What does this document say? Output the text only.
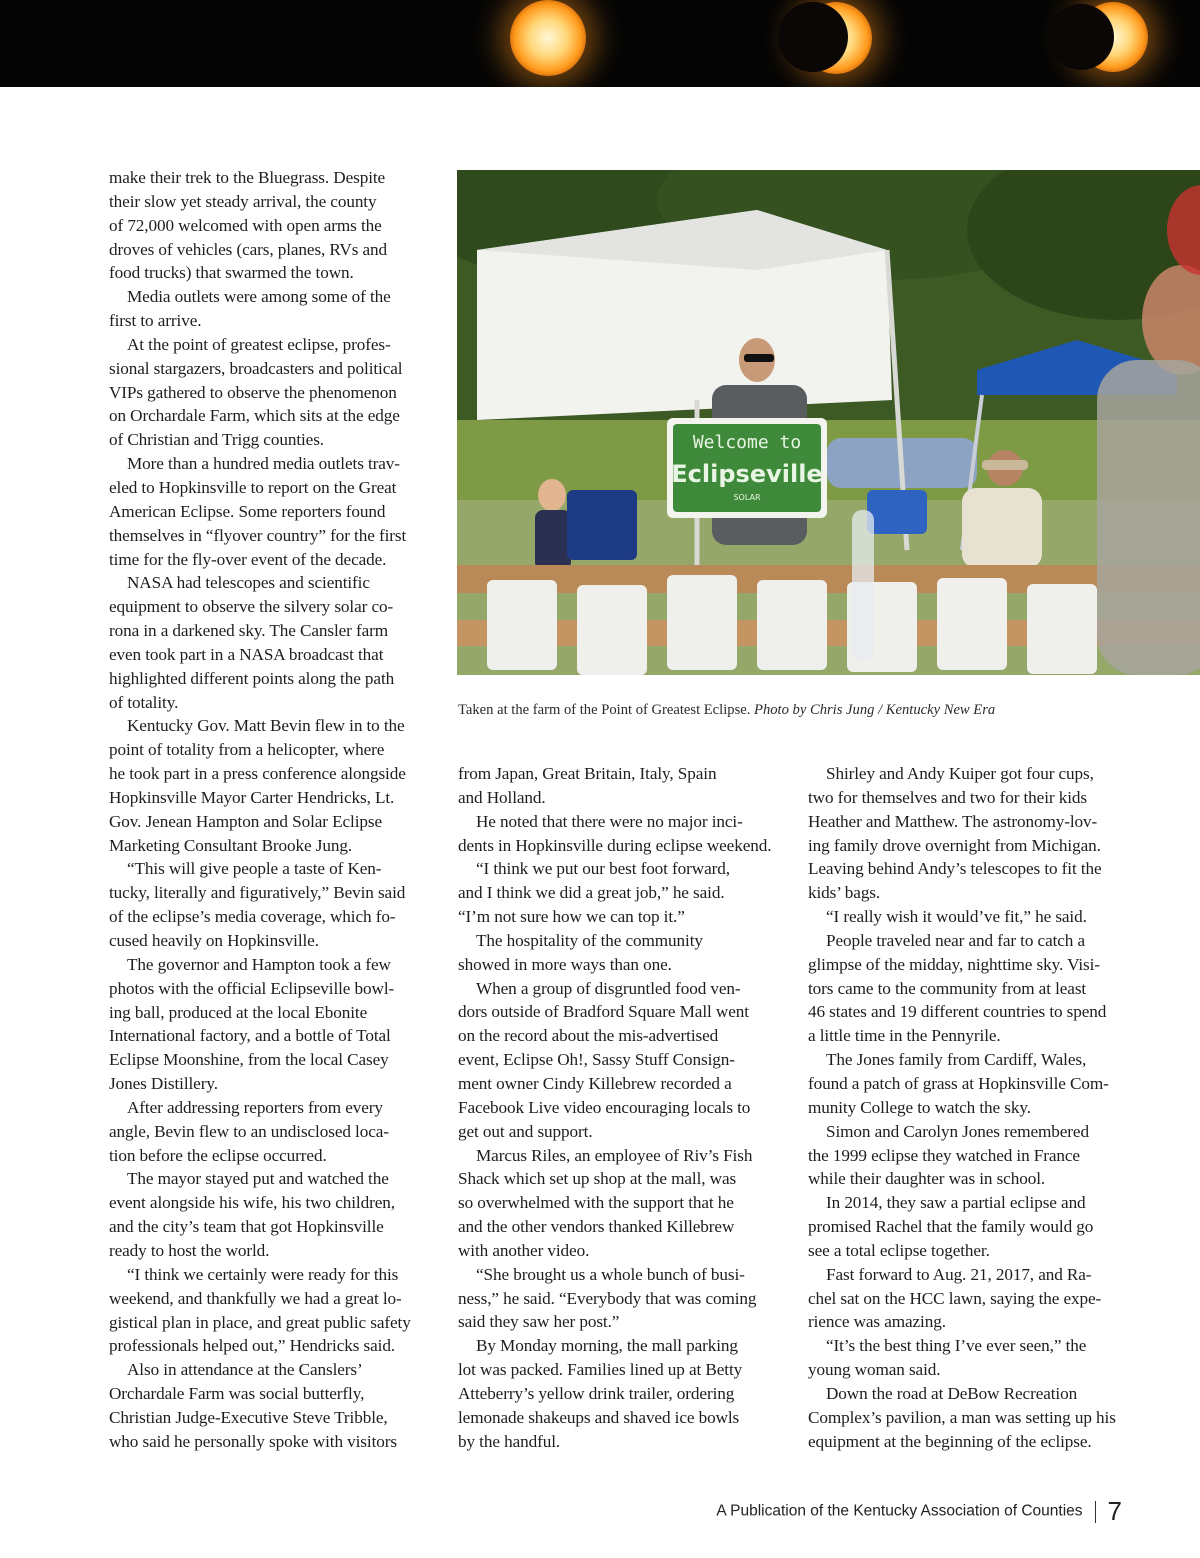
make their trek to the Bluegrass. Despite
their slow yet steady arrival, the county
of 72,000 welcomed with open arms the
droves of vehicles (cars, planes, RVs and
food trucks) that swarmed the town.
Media outlets were among some of the
first to arrive.
At the point of greatest eclipse, profes-
sional stargazers, broadcasters and political
VIPs gathered to observe the phenomenon
on Orchardale Farm, which sits at the edge
of Christian and Trigg counties.
More than a hundred media outlets trav-
eled to Hopkinsville to report on the Great
American Eclipse. Some reporters found
themselves in “flyover country” for the first
time for the fly-over event of the decade.
NASA had telescopes and scientific
equipment to observe the silvery solar co-
rona in a darkened sky. The Cansler farm
even took part in a NASA broadcast that
highlighted different points along the path
of totality.
Kentucky Gov. Matt Bevin flew in to the
point of totality from a helicopter, where
he took part in a press conference alongside
Hopkinsville Mayor Carter Hendricks, Lt.
Gov. Jenean Hampton and Solar Eclipse
Marketing Consultant Brooke Jung.
“This will give people a taste of Ken-
tucky, literally and figuratively,” Bevin said
of the eclipse’s media coverage, which fo-
cused heavily on Hopkinsville.
The governor and Hampton took a few
photos with the official Eclipseville bowl-
ing ball, produced at the local Ebonite
International factory, and a bottle of Total
Eclipse Moonshine, from the local Casey
Jones Distillery.
After addressing reporters from every
angle, Bevin flew to an undisclosed loca-
tion before the eclipse occurred.
The mayor stayed put and watched the
event alongside his wife, his two children,
and the city’s team that got Hopkinsville
ready to host the world.
“I think we certainly were ready for this
weekend, and thankfully we had a great lo-
gistical plan in place, and great public safety
professionals helped out,” Hendricks said.
Also in attendance at the Canslers’
Orchardale Farm was social butterfly,
Christian Judge-Executive Steve Tribble,
who said he personally spoke with visitors
from Japan, Great Britain, Italy, Spain
and Holland.
He noted that there were no major inci-
dents in Hopkinsville during eclipse weekend.
“I think we put our best foot forward,
and I think we did a great job,” he said.
“I’m not sure how we can top it.”
The hospitality of the community
showed in more ways than one.
When a group of disgruntled food ven-
dors outside of Bradford Square Mall went
on the record about the mis-advertised
event, Eclipse Oh!, Sassy Stuff Consign-
ment owner Cindy Killebrew recorded a
Facebook Live video encouraging locals to
get out and support.
Marcus Riles, an employee of Riv’s Fish
Shack which set up shop at the mall, was
so overwhelmed with the support that he
and the other vendors thanked Killebrew
with another video.
“She brought us a whole bunch of busi-
ness,” he said. “Everybody that was coming
said they saw her post.”
By Monday morning, the mall parking
lot was packed. Families lined up at Betty
Atteberry’s yellow drink trailer, ordering
lemonade shakeups and shaved ice bowls
by the handful.
Shirley and Andy Kuiper got four cups,
two for themselves and two for their kids
Heather and Matthew. The astronomy-lov-
ing family drove overnight from Michigan.
Leaving behind Andy’s telescopes to fit the
kids’ bags.
“I really wish it would’ve fit,” he said.
People traveled near and far to catch a
glimpse of the midday, nighttime sky. Visi-
tors came to the community from at least
46 states and 19 different countries to spend
a little time in the Pennyrile.
The Jones family from Cardiff, Wales,
found a patch of grass at Hopkinsville Com-
munity College to watch the sky.
Simon and Carolyn Jones remembered
the 1999 eclipse they watched in France
while their daughter was in school.
In 2014, they saw a partial eclipse and
promised Rachel that the family would go
see a total eclipse together.
Fast forward to Aug. 21, 2017, and Ra-
chel sat on the HCC lawn, saying the expe-
rience was amazing.
“It’s the best thing I’ve ever seen,” the
young woman said.
Down the road at DeBow Recreation
Complex’s pavilion, a man was setting up his
equipment at the beginning of the eclipse.
Welcome to
Eclipseville
SOLAR
Taken at the farm of the Point of Greatest Eclipse. Photo by Chris Jung / Kentucky New Era
A Publication of the Kentucky Association of Counties 7
